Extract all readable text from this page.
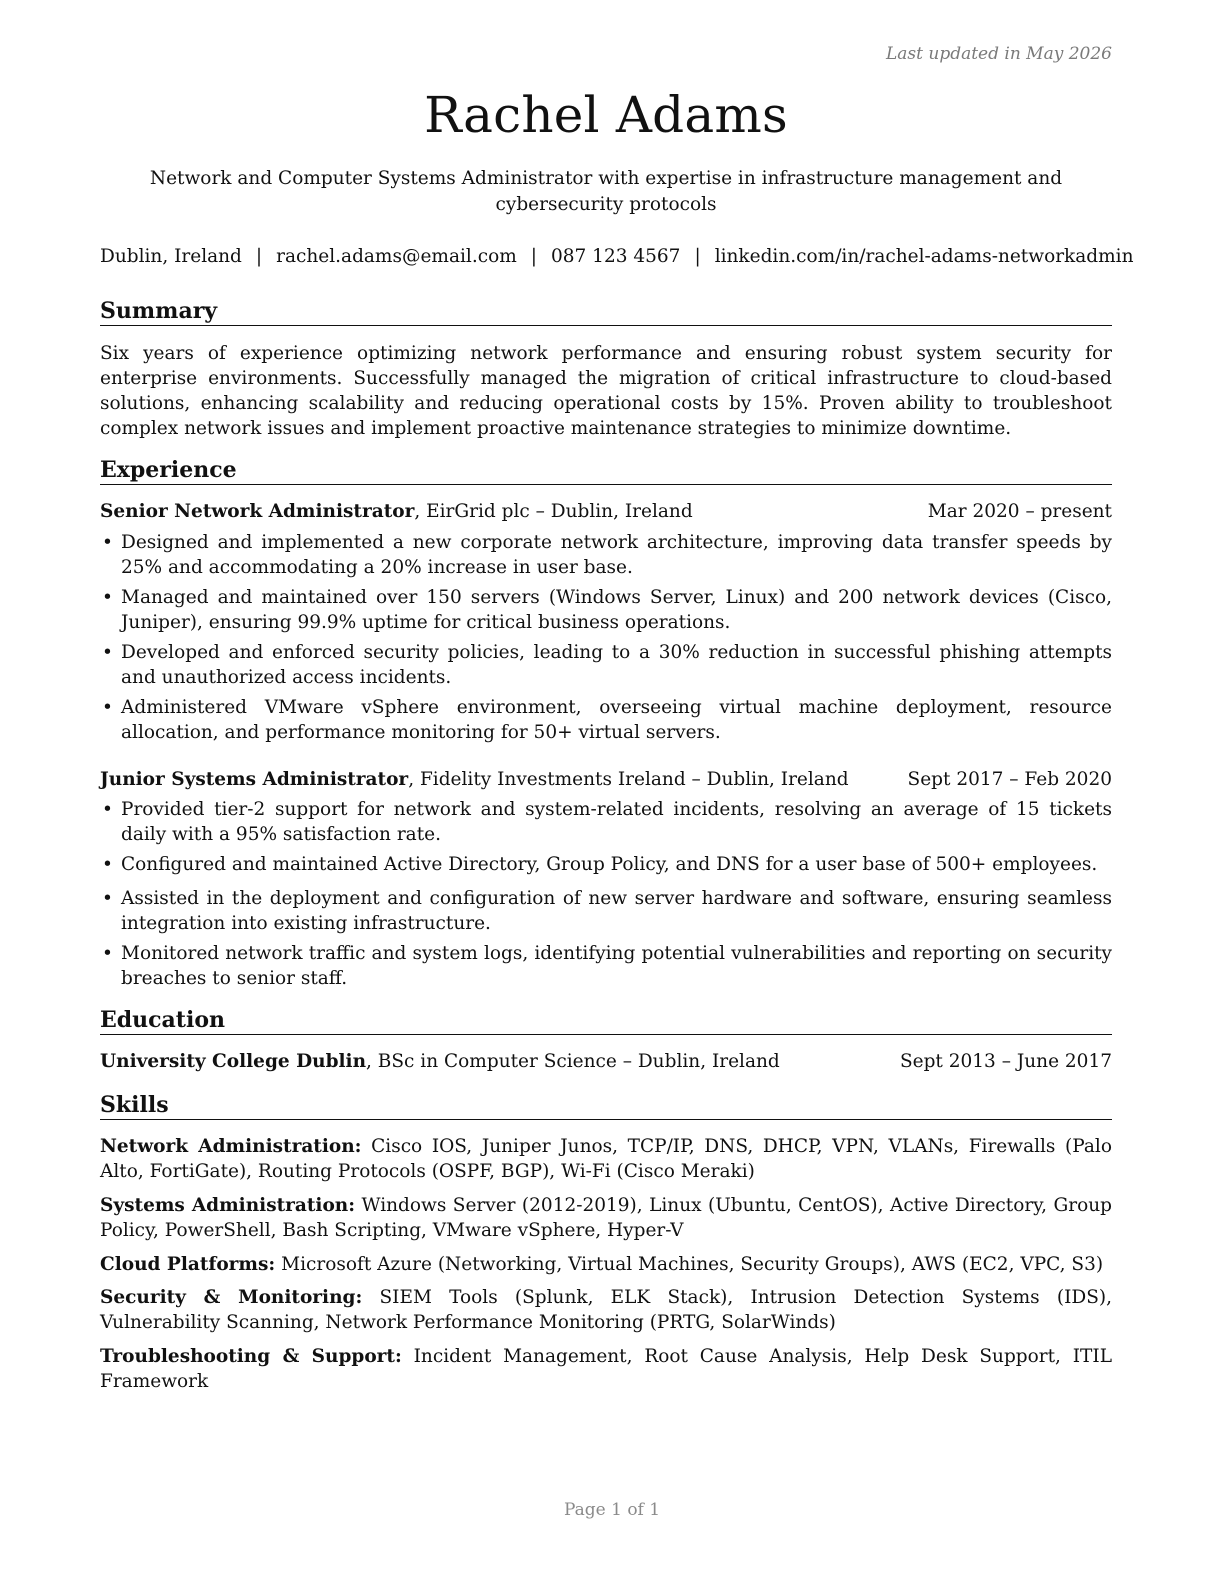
Last updated in May 2026
Rachel Adams
Network and Computer Systems Administrator with expertise in infrastructure management and cybersecurity protocols
Dublin, Ireland | rachel.adams@email.com | 087 123 4567 | linkedin.com/in/rachel-adams-networkadmin
Summary
Six years of experience optimizing network performance and ensuring robust system security for enterprise environments. Successfully managed the migration of critical infrastructure to cloud-based solutions, enhancing scalability and reducing operational costs by 15%. Proven ability to troubleshoot complex network issues and implement proactive maintenance strategies to minimize downtime.
Experience
Senior Network Administrator, EirGrid plc – Dublin, Ireland	Mar 2020 – present
• Designed and implemented a new corporate network architecture, improving data transfer speeds by 25% and accommodating a 20% increase in user base.
• Managed and maintained over 150 servers (Windows Server, Linux) and 200 network devices (Cisco, Juniper), ensuring 99.9% uptime for critical business operations.
• Developed and enforced security policies, leading to a 30% reduction in successful phishing attempts and unauthorized access incidents.
• Administered VMware vSphere environment, overseeing virtual machine deployment, resource allocation, and performance monitoring for 50+ virtual servers.
Junior Systems Administrator, Fidelity Investments Ireland – Dublin, Ireland	Sept 2017 – Feb 2020
• Provided tier-2 support for network and system-related incidents, resolving an average of 15 tickets daily with a 95% satisfaction rate.
• Configured and maintained Active Directory, Group Policy, and DNS for a user base of 500+ employees.
• Assisted in the deployment and configuration of new server hardware and software, ensuring seamless integration into existing infrastructure.
• Monitored network traffic and system logs, identifying potential vulnerabilities and reporting on security breaches to senior staff.
Education
University College Dublin, BSc in Computer Science – Dublin, Ireland	Sept 2013 – June 2017
Skills
Network Administration: Cisco IOS, Juniper Junos, TCP/IP, DNS, DHCP, VPN, VLANs, Firewalls (Palo Alto, FortiGate), Routing Protocols (OSPF, BGP), Wi-Fi (Cisco Meraki)
Systems Administration: Windows Server (2012-2019), Linux (Ubuntu, CentOS), Active Directory, Group Policy, PowerShell, Bash Scripting, VMware vSphere, Hyper-V
Cloud Platforms: Microsoft Azure (Networking, Virtual Machines, Security Groups), AWS (EC2, VPC, S3)
Security & Monitoring: SIEM Tools (Splunk, ELK Stack), Intrusion Detection Systems (IDS), Vulnerability Scanning, Network Performance Monitoring (PRTG, SolarWinds)
Troubleshooting & Support: Incident Management, Root Cause Analysis, Help Desk Support, ITIL Framework
Page 1 of 1
